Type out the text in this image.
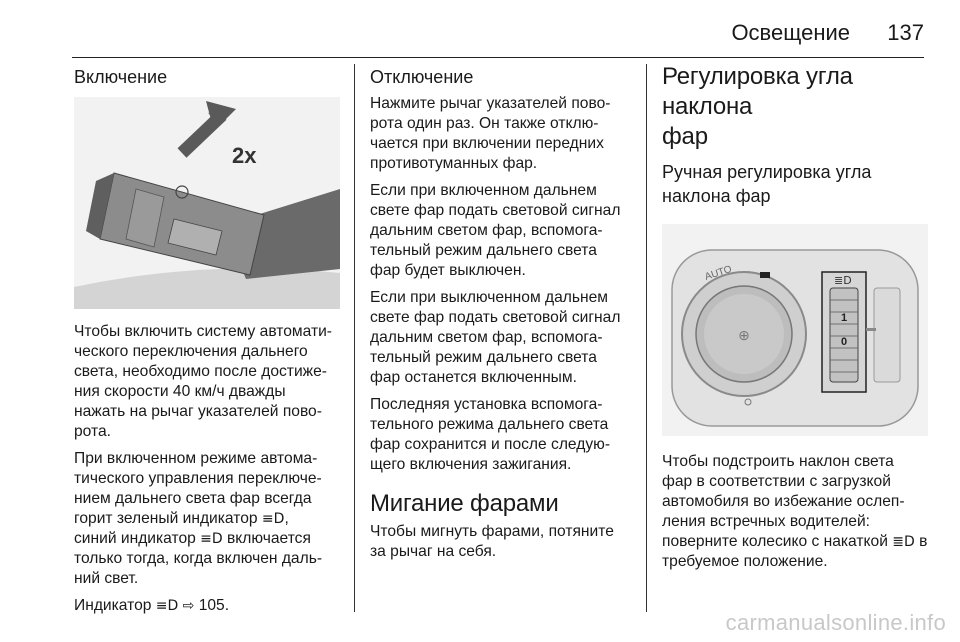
Освещение 137
Включение
2x

Чтобы включить систему автомати-

ческого переключения дальнего

света, необходимо после достиже-

ния скорости 40 км/ч дважды

нажать на рычаг указателей пово-

рота.

При включенном режиме автома-

тического управления переключе-

нием дальнего света фар всегда

горит зеленый индикатор ≡D,

синий индикатор ≡D включается

только тогда, когда включен даль-

ний свет.

Индикатор ≡D ⇨ 105.

Отключение

Нажмите рычаг указателей пово-

рота один раз. Он также отклю-

чается при включении передних

противотуманных фар.

Если при включенном дальнем

свете фар подать световой сигнал

дальним светом фар, вспомога-

тельный режим дальнего света

фар будет выключен.

Если при выключенном дальнем

свете фар подать световой сигнал

дальним светом фар, вспомога-

тельный режим дальнего света

фар останется включенным.

Последняя установка вспомога-

тельного режима дальнего света

фар сохранится и после следую-

щего включения зажигания.

Мигание фарами

Чтобы мигнуть фарами, потяните

за рычаг на себя.

Регулировка угла наклона
фар
Ручная регулировка угла
наклона фар
⊕
AUTO
1
0
≣D

Чтобы подстроить наклон света

фар в соответствии с загрузкой

автомобиля во избежание ослеп-

ления встречных водителей:

поверните колесико с накаткой ≣D в

требуемое положение.

carmanualsonline.info
